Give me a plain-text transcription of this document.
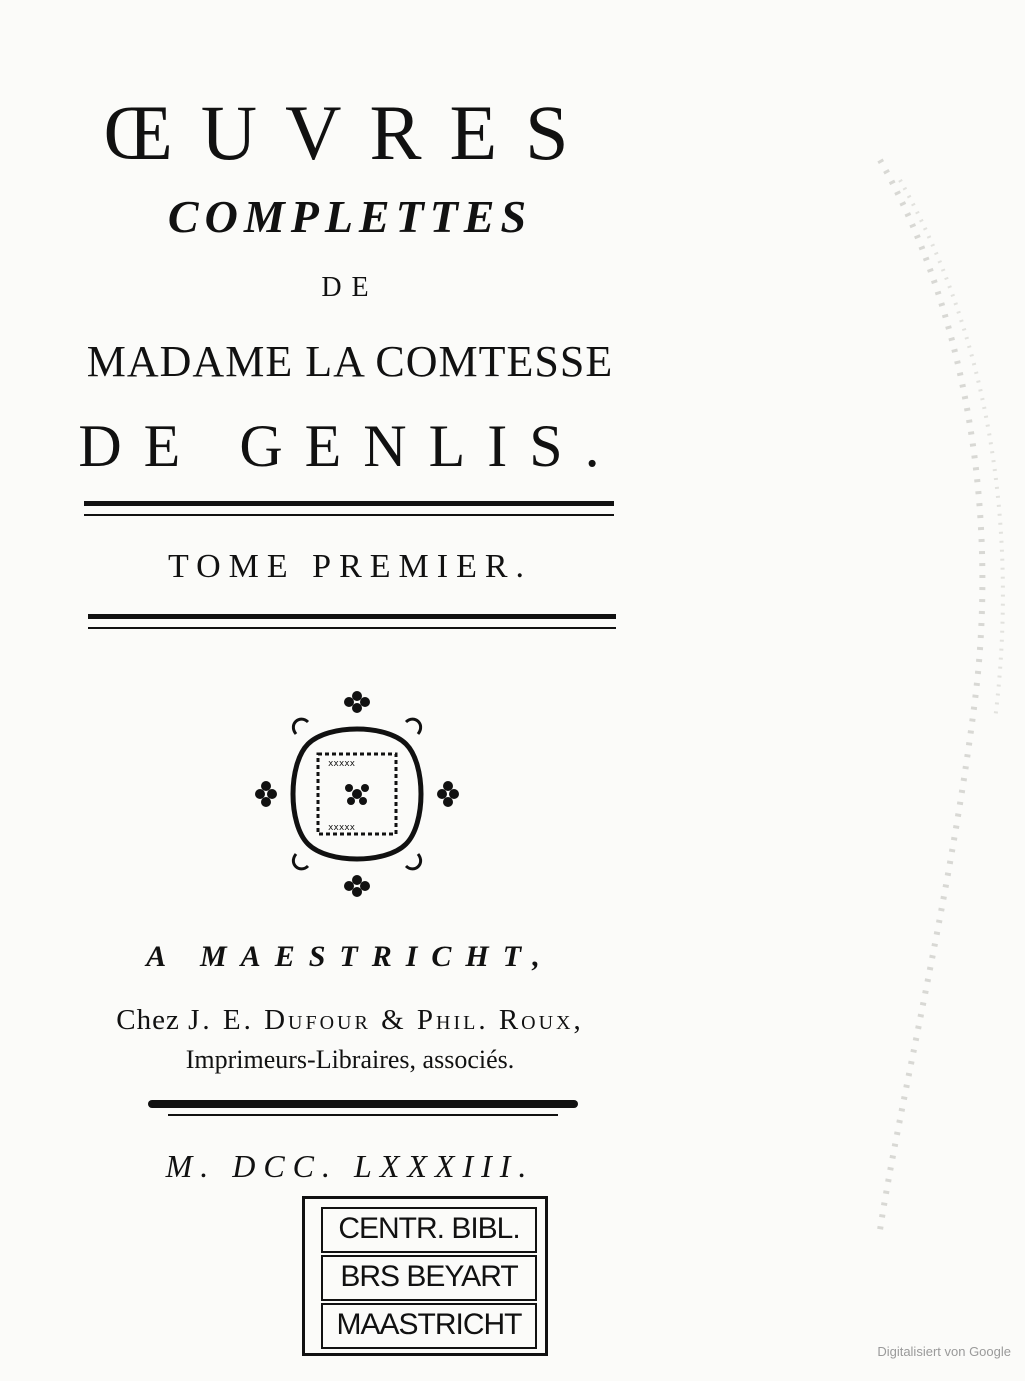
ŒUVRES
COMPLETTES
DE
MADAME LA COMTESSE
DE GENLIS.
TOME PREMIER.
xxxxx
xxxxx
A MAESTRICHT,
Chez J. E. Dufour & Phil. Roux,
Imprimeurs-Libraires, associés.
M. DCC. LXXXIII.
CENTR. BIBL.
BRS BEYART
MAASTRICHT
Digitalisiert von Google
